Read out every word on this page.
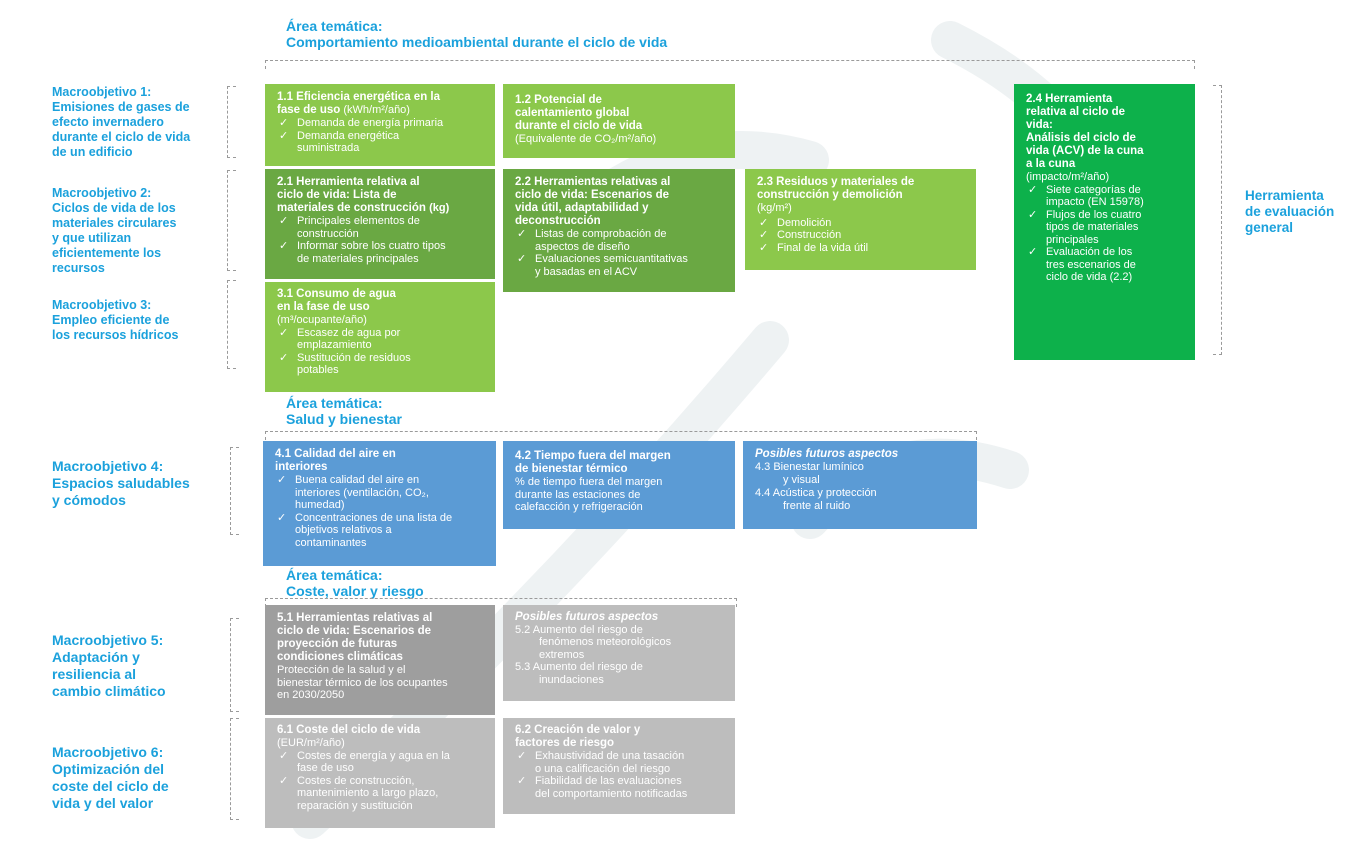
Área temática:
Comportamiento medioambiental durante el ciclo de vida
Área temática:
Salud y bienestar
Área temática:
Coste, valor y riesgo
Macroobjetivo 1:
Emisiones de gases de
efecto invernadero
durante el ciclo de vida
de un edificio
Macroobjetivo 2:
Ciclos de vida de los
materiales circulares
y que utilizan
eficientemente los
recursos
Macroobjetivo 3:
Empleo eficiente de
los recursos hídricos
Macroobjetivo 4:
Espacios saludables
y cómodos
Macroobjetivo 5:
Adaptación y
resiliencia al
cambio climático
Macroobjetivo 6:
Optimización del
coste del ciclo de
vida y del valor
Herramienta
de evaluación
general
1.1 Eficiencia energética en la
fase de uso (kWh/m²/año)
✓ Demanda de energía primaria
✓ Demanda energética
suministrada
1.2 Potencial de
calentamiento global
durante el ciclo de vida
(Equivalente de CO₂/m²/año)
2.1 Herramienta relativa al
ciclo de vida: Lista de
materiales de construcción (kg)
✓ Principales elementos de
construcción
✓ Informar sobre los cuatro tipos
de materiales principales
2.2 Herramientas relativas al
ciclo de vida: Escenarios de
vida útil, adaptabilidad y
deconstrucción
✓ Listas de comprobación de
aspectos de diseño
✓ Evaluaciones semicuantitativas
y basadas en el ACV
2.3 Residuos y materiales de
construcción y demolición
(kg/m²)
✓ Demolición
✓ Construcción
✓ Final de la vida útil
2.4 Herramienta
relativa al ciclo de
vida:
Análisis del ciclo de
vida (ACV) de la cuna
a la cuna
(impacto/m²/año)
✓ Siete categorías de
impacto (EN 15978)
✓ Flujos de los cuatro
tipos de materiales
principales
✓ Evaluación de los
tres escenarios de
ciclo de vida (2.2)
3.1 Consumo de agua
en la fase de uso
(m³/ocupante/año)
✓ Escasez de agua por
emplazamiento
✓ Sustitución de residuos
potables
4.1 Calidad del aire en
interiores
✓ Buena calidad del aire en
interiores (ventilación, CO₂,
humedad)
✓ Concentraciones de una lista de
objetivos relativos a
contaminantes
4.2 Tiempo fuera del margen
de bienestar térmico
% de tiempo fuera del margen
durante las estaciones de
calefacción y refrigeración
Posibles futuros aspectos
4.3 Bienestar lumínico
y visual
4.4 Acústica y protección
frente al ruido
5.1 Herramientas relativas al
ciclo de vida: Escenarios de
proyección de futuras
condiciones climáticas
Protección de la salud y el
bienestar térmico de los ocupantes
en 2030/2050
Posibles futuros aspectos
5.2 Aumento del riesgo de
fenómenos meteorológicos
extremos
5.3 Aumento del riesgo de
inundaciones
6.1 Coste del ciclo de vida
(EUR/m²/año)
✓ Costes de energía y agua en la
fase de uso
✓ Costes de construcción,
mantenimiento a largo plazo,
reparación y sustitución
6.2 Creación de valor y
factores de riesgo
✓ Exhaustividad de una tasación
o una calificación del riesgo
✓ Fiabilidad de las evaluaciones
del comportamiento notificadas
